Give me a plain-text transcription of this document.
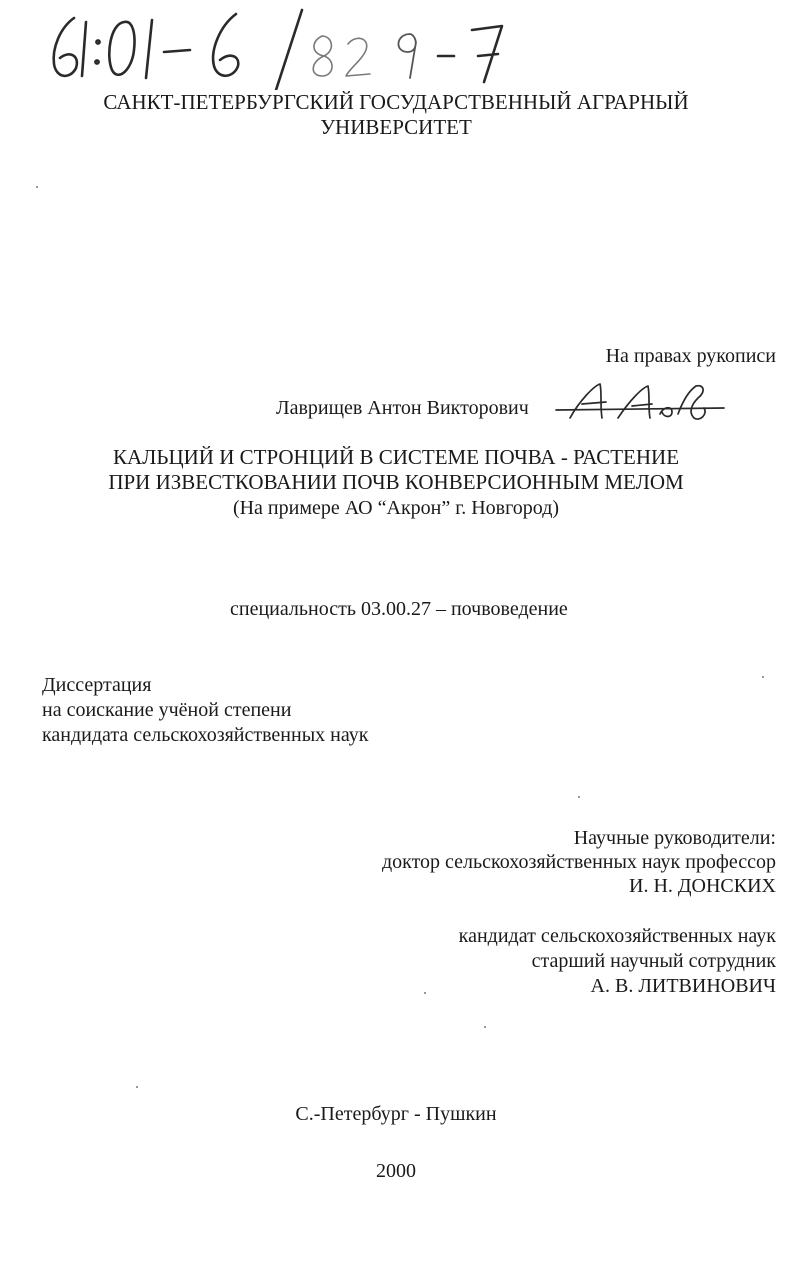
САНКТ-ПЕТЕРБУРГСКИЙ ГОСУДАРСТВЕННЫЙ АГРАРНЫЙ
УНИВЕРСИТЕТ
На правах рукописи
Лаврищев Антон Викторович
КАЛЬЦИЙ И СТРОНЦИЙ В СИСТЕМЕ ПОЧВА - РАСТЕНИЕ
ПРИ ИЗВЕСТКОВАНИИ ПОЧВ КОНВЕРСИОННЫМ МЕЛОМ
(На примере АО “Акрон” г. Новгород)
специальность 03.00.27 – почвоведение
Диссертация
на соискание учёной степени
кандидата сельскохозяйственных наук
Научные руководители:
доктор сельскохозяйственных наук профессор
И. Н. ДОНСКИХ
кандидат сельскохозяйственных наук
старший научный сотрудник
А. В. ЛИТВИНОВИЧ
С.-Петербург - Пушкин
2000
